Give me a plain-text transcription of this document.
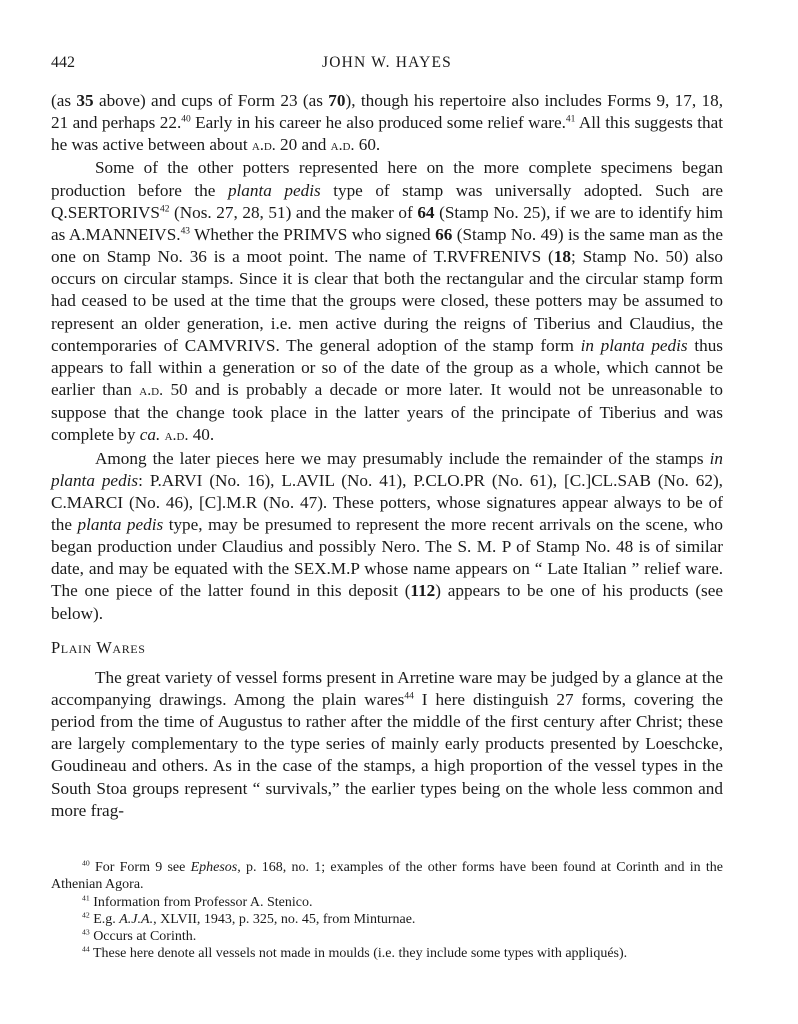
442	JOHN W. HAYES

(as 35 above) and cups of Form 23 (as 70), though his repertoire also includes Forms 9, 17, 18, 21 and perhaps 22.40 Early in his career he also produced some relief ware.$^{41}$ All this suggests that he was active between about a.d. 20 and a.d. 60.

Some of the other potters represented here on the more complete specimens began production before the planta pedis type of stamp was universally adopted. Such are Q.SERTORIVS$^{42}$ (Nos. 27, 28, 51) and the maker of 64 (Stamp No. 25), if we are to identify him as A.MANNEIVS.$^{43}$ Whether the PRIMVS who signed 66 (Stamp No. 49) is the same man as the one on Stamp No. 36 is a moot point. The name of T.RVFRENIVS (18; Stamp No. 50) also occurs on circular stamps. Since it is clear that both the rectangular and the circular stamp form had ceased to be used at the time that the groups were closed, these potters may be assumed to represent an older generation, i.e. men active during the reigns of Tiberius and Claudius, the contemporaries of CAMVRIVS. The general adoption of the stamp form in planta pedis thus appears to fall within a generation or so of the date of the group as a whole, which cannot be earlier than a.d. 50 and is probably a decade or more later. It would not be unreasonable to suppose that the change took place in the latter years of the principate of Tiberius and was complete by ca. a.d. 40.

Among the later pieces here we may presumably include the remainder of the stamps in planta pedis: P.ARVI (No. 16), L.AVIL (No. 41), P.CLO.PR (No. 61), [C.]CL.SAB (No. 62), C.MARCI (No. 46), [C].M.R (No. 47). These potters, whose signatures appear always to be of the planta pedis type, may be presumed to represent the more recent arrivals on the scene, who began production under Claudius and possibly Nero. The S. M. P of Stamp No. 48 is of similar date, and may be equated with the SEX.M.P whose name appears on “ Late Italian ” relief ware. The one piece of the latter found in this deposit (112) appears to be one of his products (see below).

Plain Wares

The great variety of vessel forms present in Arretine ware may be judged by a glance at the accompanying drawings. Among the plain wares$^{44}$ I here distinguish 27 forms, covering the period from the time of Augustus to rather after the middle of the first century after Christ; these are largely complementary to the type series of mainly early products presented by Loeschcke, Goudineau and others. As in the case of the stamps, a high proportion of the vessel types in the South Stoa groups represent “ survivals,” the earlier types being on the whole less common and more frag-

$^{40}$ For Form 9 see Ephesos, p. 168, no. 1; examples of the other forms have been found at Corinth and in the Athenian Agora.

$^{41}$ Information from Professor A. Stenico.

$^{42}$ E.g. A.J.A., XLVII, 1943, p. 325, no. 45, from Minturnae.

$^{43}$ Occurs at Corinth.

$^{44}$ These here denote all vessels not made in moulds (i.e. they include some types with appliqués).
